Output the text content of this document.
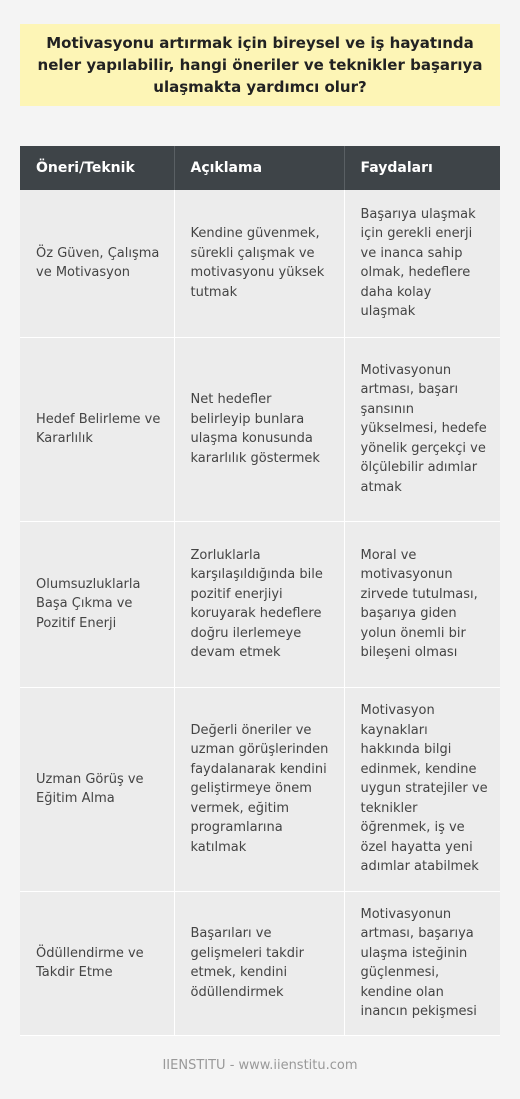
Motivasyonu artırmak için bireysel ve iş hayatında neler yapılabilir, hangi öneriler ve teknikler başarıya ulaşmakta yardımcı olur?
Öneri/Teknik	Açıklama	Faydaları
Öz Güven, Çalışma ve Motivasyon	Kendine güvenmek, sürekli çalışmak ve motivasyonu yüksek tutmak	Başarıya ulaşmak için gerekli enerji ve inanca sahip olmak, hedeflere daha kolay ulaşmak
Hedef Belirleme ve Kararlılık	Net hedefler belirleyip bunlara ulaşma konusunda kararlılık göstermek	Motivasyonun artması, başarı şansının yükselmesi, hedefe yönelik gerçekçi ve ölçülebilir adımlar atmak
Olumsuzluklarla Başa Çıkma ve Pozitif Enerji	Zorluklarla karşılaşıldığında bile pozitif enerjiyi koruyarak hedeflere doğru ilerlemeye devam etmek	Moral ve motivasyonun zirvede tutulması, başarıya giden yolun önemli bir bileşeni olması
Uzman Görüş ve Eğitim Alma	Değerli öneriler ve uzman görüşlerinden faydalanarak kendini geliştirmeye önem vermek, eğitim programlarına katılmak	Motivasyon kaynakları hakkında bilgi edinmek, kendine uygun stratejiler ve teknikler öğrenmek, iş ve özel hayatta yeni adımlar atabilmek
Ödüllendirme ve Takdir Etme	Başarıları ve gelişmeleri takdir etmek, kendini ödüllendirmek	Motivasyonun artması, başarıya ulaşma isteğinin güçlenmesi, kendine olan inancın pekişmesi
IIENSTITU - www.iienstitu.com
